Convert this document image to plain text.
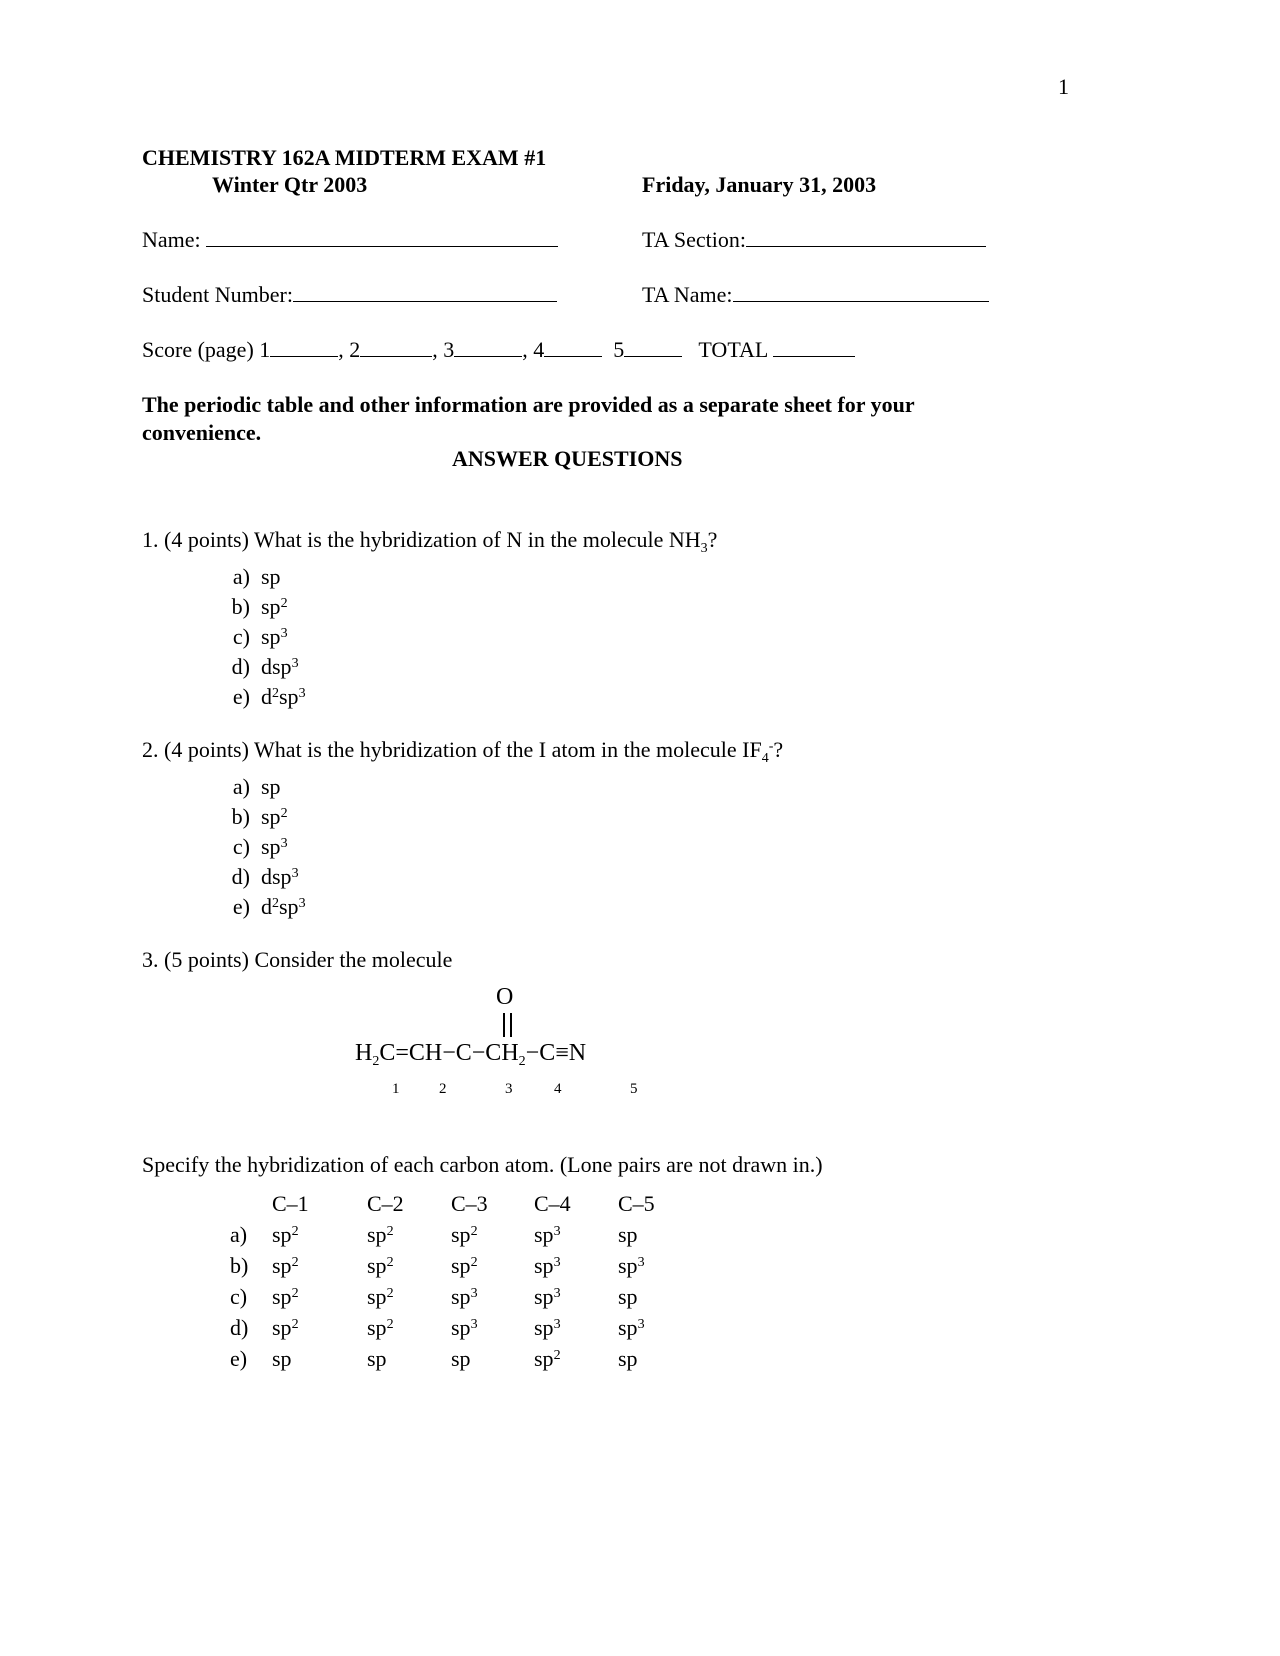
1
CHEMISTRY 162A MIDTERM EXAM #1
Winter Qtr 2003	Friday, January 31, 2003
Name:	TA Section:
Student Number:	TA Name:
Score (page) 1	, 2	, 3	, 4	5	TOTAL
The periodic table and other information are provided as a separate sheet for your convenience.
ANSWER QUESTIONS
1. (4 points) What is the hybridization of N in the molecule $NH_3$?
a) sp
b) $sp^2$
c) $sp^3$
d) dsp$^3$
e) $d^2sp^3$
2. (4 points) What is the hybridization of the I atom in the molecule $IF_4^-$?
a) sp
b) $sp^2$
c) $sp^3$
d) dsp$^3$
e) $d^2sp^3$
3. (5 points) Consider the molecule
O
$H_2C=CH-C-CH_2-C\equiv N$
1	2	3	4	5
Specify the hybridization of each carbon atom. (Lone pairs are not drawn in.)
	C–1	C–2	C–3	C–4	C–5
a)	$sp^2$	$sp^2$	$sp^2$	$sp^3$	sp
b)	$sp^2$	$sp^2$	$sp^2$	$sp^3$	$sp^3$
c)	$sp^2$	$sp^2$	$sp^3$	$sp^3$	sp
d)	$sp^2$	$sp^2$	$sp^3$	$sp^3$	$sp^3$
e)	sp	sp	sp	$sp^2$	sp
